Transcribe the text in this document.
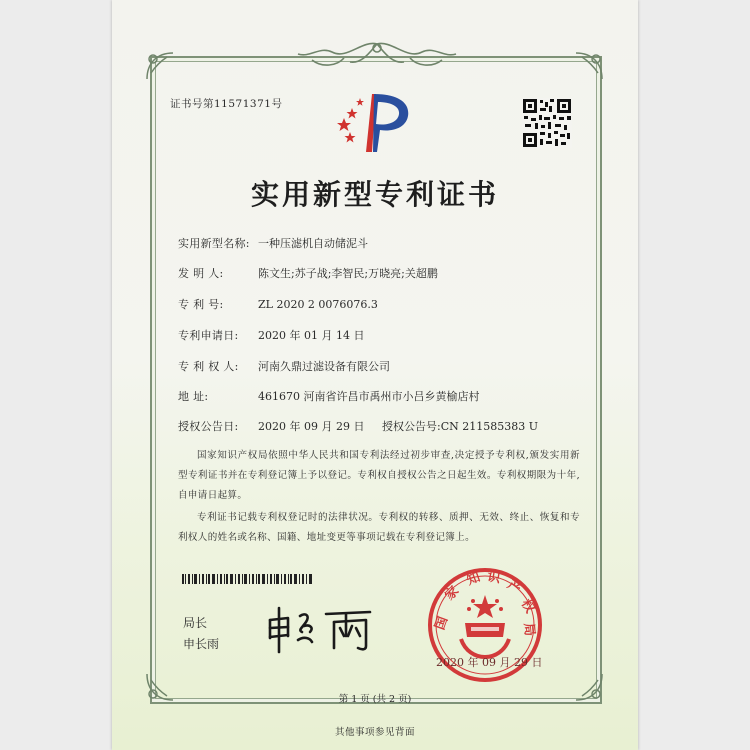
证书号第11571371号
实用新型专利证书
实用新型名称: 一种压滤机自动储泥斗
发 明 人:	陈文生;苏子战;李智民;万晓亮;关超鹏
专 利 号:	ZL 2020 2 0076076.3
专利申请日: 2020 年 01 月 14 日
专 利 权 人: 河南久鼎过滤设备有限公司
地 址:	461670 河南省许昌市禹州市小吕乡黄榆店村
授权公告日: 2020 年 09 月 29 日 授权公告号:CN 211585383 U
国家知识产权局依照中华人民共和国专利法经过初步审查,决定授予专利权,颁发实用新型专利证书并在专利登记簿上予以登记。专利权自授权公告之日起生效。专利权期限为十年,自申请日起算。
专利证书记载专利权登记时的法律状况。专利权的转移、质押、无效、终止、恢复和专利权人的姓名或名称、国籍、地址变更等事项记载在专利登记簿上。
局长
申长雨
国
家
知 识 产
权
局
2020 年 09 月 29 日
第 1 页 (共 2 页)
其他事项参见背面
